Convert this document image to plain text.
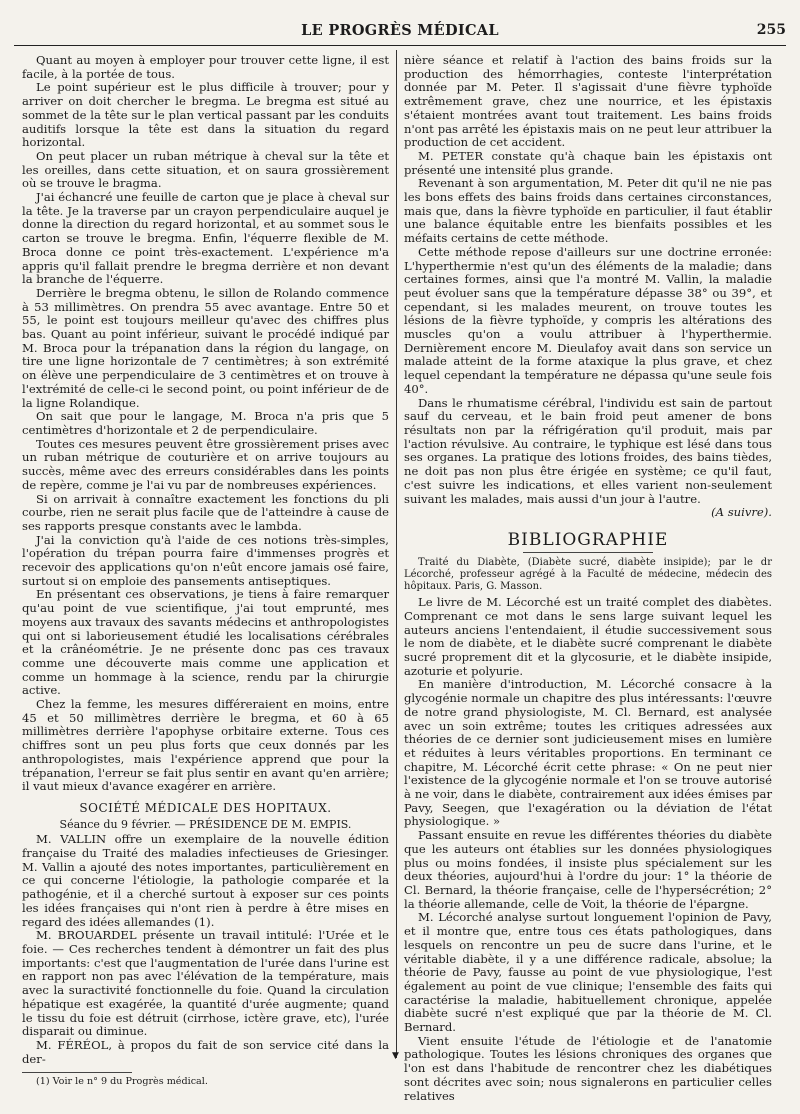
LE PROGRÈS MÉDICAL	255

Quant au moyen à employer pour trouver cette ligne, il est facile, à la portée de tous.

Le point supérieur est le plus difficile à trouver; pour y arriver on doit chercher le bregma. Le bregma est situé au sommet de la tête sur le plan vertical passant par les conduits auditifs lorsque la tête est dans la situation du regard horizontal.

On peut placer un ruban métrique à cheval sur la tête et les oreilles, dans cette situation, et on saura grossièrement où se trouve le bragma.

J'ai échancré une feuille de carton que je place à cheval sur la tête. Je la traverse par un crayon perpendiculaire auquel je donne la direction du regard horizontal, et au sommet sous le carton se trouve le bregma. Enfin, l'équerre flexible de M. Broca donne ce point très-exactement. L'expérience m'a appris qu'il fallait prendre le bregma derrière et non devant la branche de l'équerre.

Derrière le bregma obtenu, le sillon de Rolando commence à 53 millimètres. On prendra 55 avec avantage. Entre 50 et 55, le point est toujours meilleur qu'avec des chiffres plus bas. Quant au point inférieur, suivant le procédé indiqué par M. Broca pour la trépanation dans la région du langage, on tire une ligne horizontale de 7 centimètres; à son extrémité on élève une perpendiculaire de 3 centimètres et on trouve à l'extrémité de celle-ci le second point, ou point inférieur de de la ligne Rolandique.

On sait que pour le langage, M. Broca n'a pris que 5 centimètres d'horizontale et 2 de perpendiculaire.

Toutes ces mesures peuvent être grossièrement prises avec un ruban métrique de couturière et on arrive toujours au succès, même avec des erreurs considérables dans les points de repère, comme je l'ai vu par de nombreuses expériences.

Si on arrivait à connaître exactement les fonctions du pli courbe, rien ne serait plus facile que de l'atteindre à cause de ses rapports presque constants avec le lambda.

J'ai la conviction qu'à l'aide de ces notions très-simples, l'opération du trépan pourra faire d'immenses progrès et recevoir des applications qu'on n'eût encore jamais osé faire, surtout si on emploie des pansements antiseptiques.

En présentant ces observations, je tiens à faire remarquer qu'au point de vue scientifique, j'ai tout emprunté, mes moyens aux travaux des savants médecins et anthropologistes qui ont si laborieusement étudié les localisations cérébrales et la crânéométrie. Je ne présente donc pas ces travaux comme une découverte mais comme une application et comme un hommage à la science, rendu par la chirurgie active.

Chez la femme, les mesures différeraient en moins, entre 45 et 50 millimètres derrière le bregma, et 60 à 65 millimètres derrière l'apophyse orbitaire externe. Tous ces chiffres sont un peu plus forts que ceux donnés par les anthropologistes, mais l'expérience apprend que pour la trépanation, l'erreur se fait plus sentir en avant qu'en arrière; il vaut mieux d'avance exagérer en arrière.

SOCIÉTÉ MÉDICALE DES HOPITAUX.
Séance du 9 février. — PRÉSIDENCE DE M. EMPIS.

M. VALLIN offre un exemplaire de la nouvelle édition française du Traité des maladies infectieuses de Griesinger. M. Vallin a ajouté des notes importantes, particulièrement en ce qui concerne l'étiologie, la pathologie comparée et la pathogénie, et il a cherché surtout à exposer sur ces points les idées françaises qui n'ont rien à perdre à être mises en regard des idées allemandes (1).

M. BROUARDEL présente un travail intitulé: l'Urée et le foie. — Ces recherches tendent à démontrer un fait des plus importants: c'est que l'augmentation de l'urée dans l'urine est en rapport non pas avec l'élévation de la température, mais avec la suractivité fonctionnelle du foie. Quand la circulation hépatique est exagérée, la quantité d'urée augmente; quand le tissu du foie est détruit (cirrhose, ictère grave, etc), l'urée disparait ou diminue.

M. FÉRÉOL, à propos du fait de son service cité dans la der-

(1) Voir le n° 9 du Progrès médical.

▼

nière séance et relatif à l'action des bains froids sur la production des hémorrhagies, conteste l'interprétation donnée par M. Peter. Il s'agissait d'une fièvre typhoïde extrêmement grave, chez une nourrice, et les épistaxis s'étaient montrées avant tout traitement. Les bains froids n'ont pas arrêté les épistaxis mais on ne peut leur attribuer la production de cet accident.

M. PETER constate qu'à chaque bain les épistaxis ont présenté une intensité plus grande.

Revenant à son argumentation, M. Peter dit qu'il ne nie pas les bons effets des bains froids dans certaines circonstances, mais que, dans la fièvre typhoïde en particulier, il faut établir une balance équitable entre les bienfaits possibles et les méfaits certains de cette méthode.

Cette méthode repose d'ailleurs sur une doctrine erronée: L'hyperthermie n'est qu'un des éléments de la maladie; dans certaines formes, ainsi que l'a montré M. Vallin, la maladie peut évoluer sans que la température dépasse 38° ou 39°, et cependant, si les malades meurent, on trouve toutes les lésions de la fièvre typhoïde, y compris les altérations des muscles qu'on a voulu attribuer à l'hyperthermie. Dernièrement encore M. Dieulafoy avait dans son service un malade atteint de la forme ataxique la plus grave, et chez lequel cependant la température ne dépassa qu'une seule fois 40°.

Dans le rhumatisme cérébral, l'individu est sain de partout sauf du cerveau, et le bain froid peut amener de bons résultats non par la réfrigération qu'il produit, mais par l'action révulsive. Au contraire, le typhique est lésé dans tous ses organes. La pratique des lotions froides, des bains tièdes, ne doit pas non plus être érigée en système; ce qu'il faut, c'est suivre les indications, et elles varient non-seulement suivant les malades, mais aussi d'un jour à l'autre.

(A suivre).
BIBLIOGRAPHIE

Traité du Diabète, (Diabète sucré, diabète insipide); par le dr Lécorché, professeur agrégé à la Faculté de médecine, médecin des hôpitaux. Paris, G. Masson.

Le livre de M. Lécorché est un traité complet des diabètes. Comprenant ce mot dans le sens large suivant lequel les auteurs anciens l'entendaient, il étudie successivement sous le nom de diabète, et le diabète sucré comprenant le diabète sucré proprement dit et la glycosurie, et le diabète insipide, azoturie et polyurie.

En manière d'introduction, M. Lécorché consacre à la glycogénie normale un chapitre des plus intéressants: l'œuvre de notre grand physiologiste, M. Cl. Bernard, est analysée avec un soin extrême; toutes les critiques adressées aux théories de ce dernier sont judicieusement mises en lumière et réduites à leurs véritables proportions. En terminant ce chapitre, M. Lécorché écrit cette phrase: « On ne peut nier l'existence de la glycogénie normale et l'on se trouve autorisé à ne voir, dans le diabète, contrairement aux idées émises par Pavy, Seegen, que l'exagération ou la déviation de l'état physiologique. »

Passant ensuite en revue les différentes théories du diabète que les auteurs ont établies sur les données physiologiques plus ou moins fondées, il insiste plus spécialement sur les deux théories, aujourd'hui à l'ordre du jour: 1° la théorie de Cl. Bernard, la théorie française, celle de l'hypersécrétion; 2° la théorie allemande, celle de Voit, la théorie de l'épargne.

M. Lécorché analyse surtout longuement l'opinion de Pavy, et il montre que, entre tous ces états pathologiques, dans lesquels on rencontre un peu de sucre dans l'urine, et le véritable diabète, il y a une différence radicale, absolue; la théorie de Pavy, fausse au point de vue physiologique, l'est également au point de vue clinique; l'ensemble des faits qui caractérise la maladie, habituellement chronique, appelée diabète sucré n'est expliqué que par la théorie de M. Cl. Bernard.

Vient ensuite l'étude de l'étiologie et de l'anatomie pathologique. Toutes les lésions chroniques des organes que l'on est dans l'habitude de rencontrer chez les diabétiques sont décrites avec soin; nous signalerons en particulier celles relatives
